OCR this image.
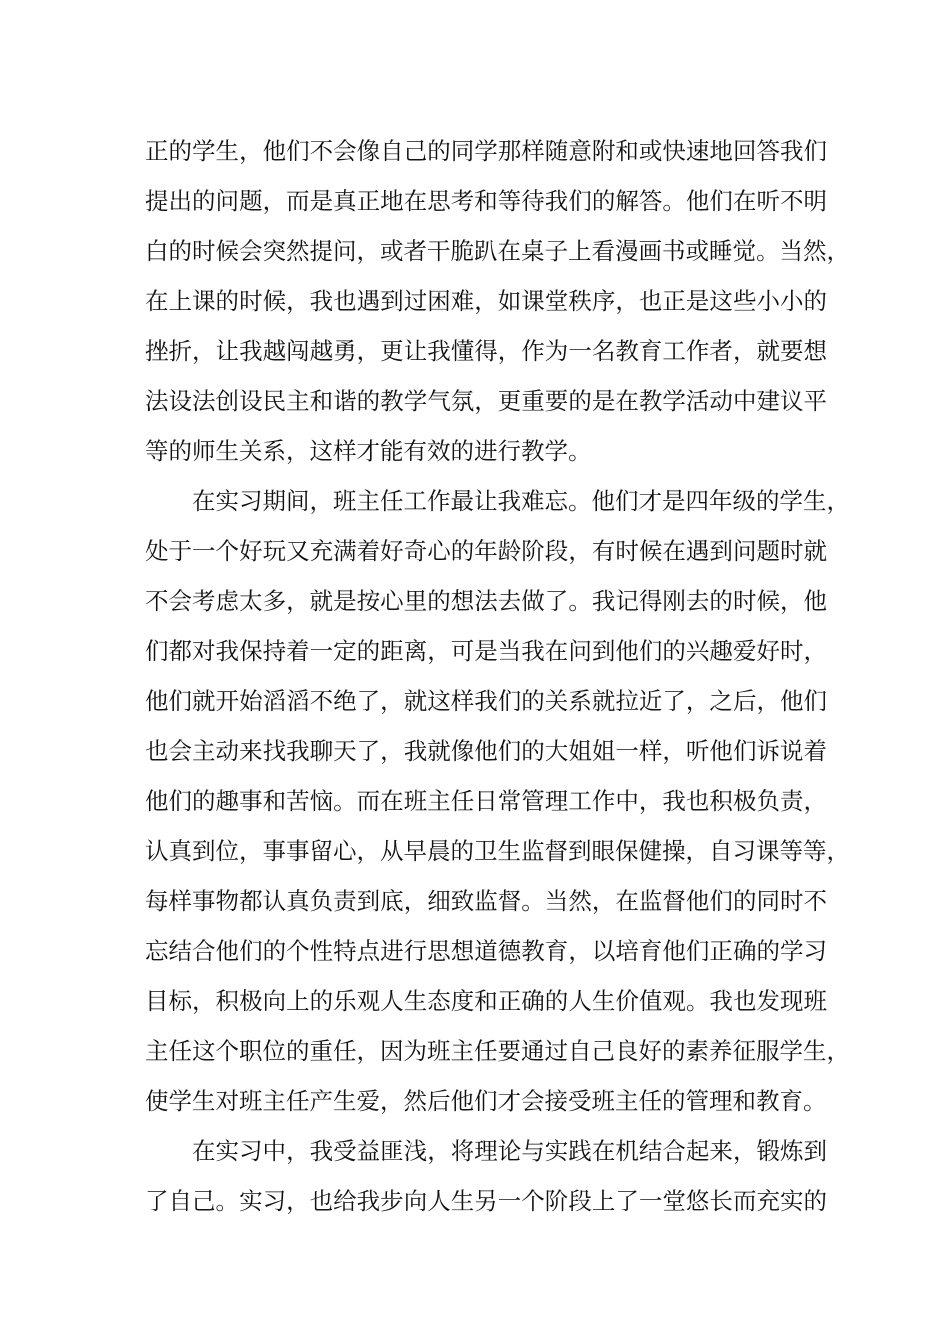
正的学生，他们不会像自己的同学那样随意附和或快速地回答我们
提出的问题，而是真正地在思考和等待我们的解答。他们在听不明
白的时候会突然提问，或者干脆趴在桌子上看漫画书或睡觉。当然，
在上课的时候，我也遇到过困难，如课堂秩序，也正是这些小小的
挫折，让我越闯越勇，更让我懂得，作为一名教育工作者，就要想
法设法创设民主和谐的教学气氛，更重要的是在教学活动中建议平
等的师生关系，这样才能有效的进行教学。
在实习期间，班主任工作最让我难忘。他们才是四年级的学生，
处于一个好玩又充满着好奇心的年龄阶段，有时候在遇到问题时就
不会考虑太多，就是按心里的想法去做了。我记得刚去的时候，他
们都对我保持着一定的距离，可是当我在问到他们的兴趣爱好时，
他们就开始滔滔不绝了，就这样我们的关系就拉近了，之后，他们
也会主动来找我聊天了，我就像他们的大姐姐一样，听他们诉说着
他们的趣事和苦恼。而在班主任日常管理工作中，我也积极负责，
认真到位，事事留心，从早晨的卫生监督到眼保健操，自习课等等，
每样事物都认真负责到底，细致监督。当然，在监督他们的同时不
忘结合他们的个性特点进行思想道德教育，以培育他们正确的学习
目标，积极向上的乐观人生态度和正确的人生价值观。我也发现班
主任这个职位的重任，因为班主任要通过自己良好的素养征服学生，
使学生对班主任产生爱，然后他们才会接受班主任的管理和教育。
在实习中，我受益匪浅，将理论与实践在机结合起来，锻炼到
了自己。实习，也给我步向人生另一个阶段上了一堂悠长而充实的
